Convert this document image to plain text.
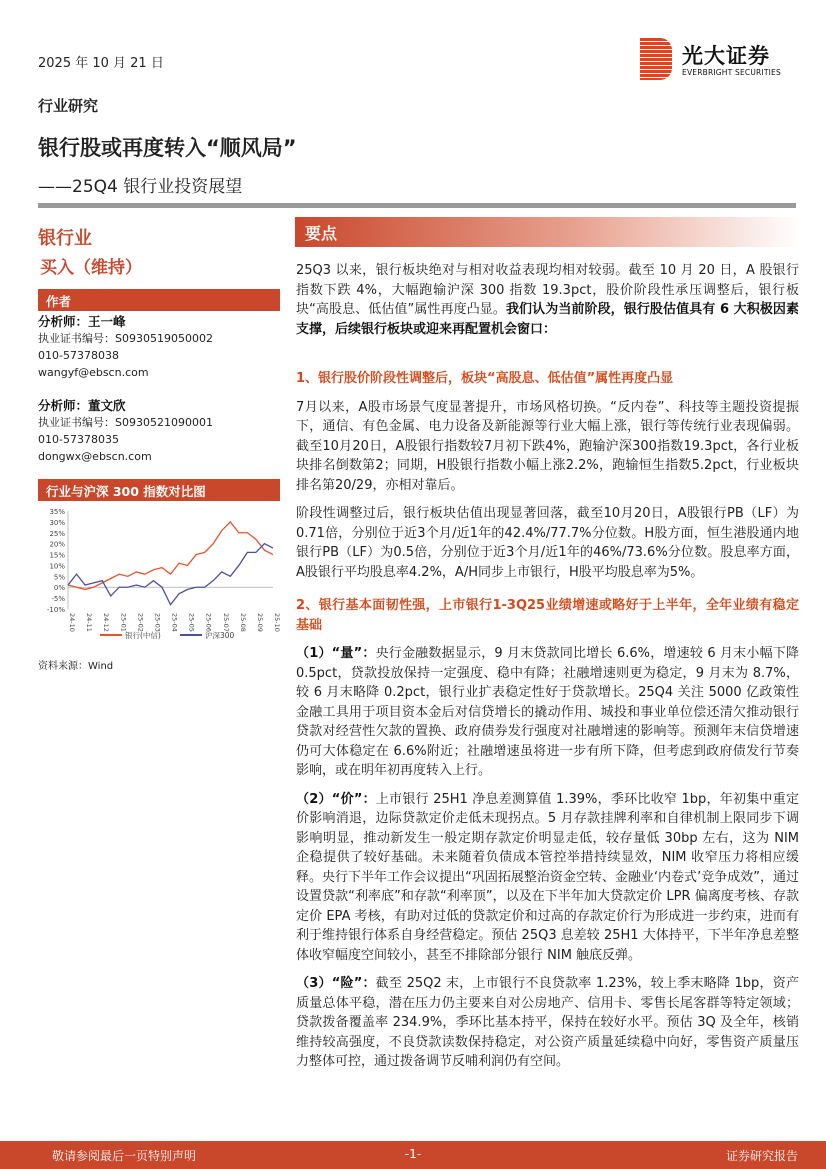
2025 年 10 月 21 日	光大证券
EVERBRIGHT SECURITIES
行业研究
银行股或再度转入“顺风局”
——25Q4 银行业投资展望
银行业
买入（维持）
作者
分析师：王一峰
执业证书编号：S0930519050002
010-57378038
wangyf@ebscn.com
分析师：董文欣
执业证书编号：S0930521090001
010-57378035
dongwx@ebscn.com
行业与沪深 300 指数对比图
35%
30%
25%
20%
15%
10%
5%
0%
-5%
-10%
24-10 24-11 24-12 25-01 25-02 25-03 25-04 25-05 25-06 25-07 25-08 25-09 25-10
银行(中信)	沪深300
资料来源：Wind
要点

25Q3 以来，银行板块绝对与相对收益表现均相对较弱。截至 10 月 20 日，A 股银行指数下跌 4%，大幅跑输沪深 300 指数 19.3pct，股价阶段性承压调整后，银行板块“高股息、低估值”属性再度凸显。我们认为当前阶段，银行股估值具有 6 大积极因素支撑，后续银行板块或迎来再配置机会窗口：

1、银行股价阶段性调整后，板块“高股息、低估值”属性再度凸显

7月以来，A股市场景气度显著提升，市场风格切换。“反内卷”、科技等主题投资提振下，通信、有色金属、电力设备及新能源等行业大幅上涨，银行等传统行业表现偏弱。截至10月20日，A股银行指数较7月初下跌4%，跑输沪深300指数19.3pct，各行业板块排名倒数第2；同期，H股银行指数小幅上涨2.2%，跑输恒生指数5.2pct，行业板块排名第20/29，亦相对靠后。

阶段性调整过后，银行板块估值出现显著回落，截至10月20日，A股银行PB（LF）为0.71倍，分别位于近3个月/近1年的42.4%/77.7%分位数。H股方面，恒生港股通内地银行PB（LF）为0.5倍，分别位于近3个月/近1年的46%/73.6%分位数。股息率方面，A股银行平均股息率4.2%，A/H同步上市银行，H股平均股息率为5%。

2、银行基本面韧性强，上市银行1-3Q25业绩增速或略好于上半年，全年业绩有稳定基础

（1）“量”：央行金融数据显示，9 月末贷款同比增长 6.6%，增速较 6 月末小幅下降 0.5pct，贷款投放保持一定强度、稳中有降；社融增速则更为稳定，9 月末为 8.7%，较 6 月末略降 0.2pct，银行业扩表稳定性好于贷款增长。25Q4 关注 5000 亿政策性金融工具用于项目资本金后对信贷增长的撬动作用、城投和事业单位偿还清欠推动银行贷款对经营性欠款的置换、政府债券发行强度对社融增速的影响等。预测年末信贷增速仍可大体稳定在 6.6%附近；社融增速虽将进一步有所下降，但考虑到政府债发行节奏影响，或在明年初再度转入上行。

（2）“价”：上市银行 25H1 净息差测算值 1.39%，季环比收窄 1bp，年初集中重定价影响消退，边际贷款定价走低未现拐点。5 月存款挂牌利率和自律机制上限同步下调影响明显，推动新发生一般定期存款定价明显走低，较存量低 30bp 左右，这为 NIM 企稳提供了较好基础。未来随着负债成本管控举措持续显效，NIM 收窄压力将相应缓释。央行下半年工作会议提出“巩固拓展整治资金空转、金融业‘内卷式’竞争成效”，通过设置贷款“利率底”和存款“利率顶”，以及在下半年加大贷款定价 LPR 偏离度考核、存款定价 EPA 考核，有助对过低的贷款定价和过高的存款定价行为形成进一步约束，进而有利于维持银行体系自身经营稳定。预估 25Q3 息差较 25H1 大体持平，下半年净息差整体收窄幅度空间较小，甚至不排除部分银行 NIM 触底反弹。

（3）“险”：截至 25Q2 末，上市银行不良贷款率 1.23%，较上季末略降 1bp，资产质量总体平稳，潜在压力仍主要来自对公房地产、信用卡、零售长尾客群等特定领域；贷款拨备覆盖率 234.9%，季环比基本持平，保持在较好水平。预估 3Q 及全年，核销维持较高强度，不良贷款读数保持稳定，对公资产质量延续稳中向好，零售资产质量压力整体可控，通过拨备调节反哺利润仍有空间。

敬请参阅最后一页特别声明	-1-	证券研究报告
